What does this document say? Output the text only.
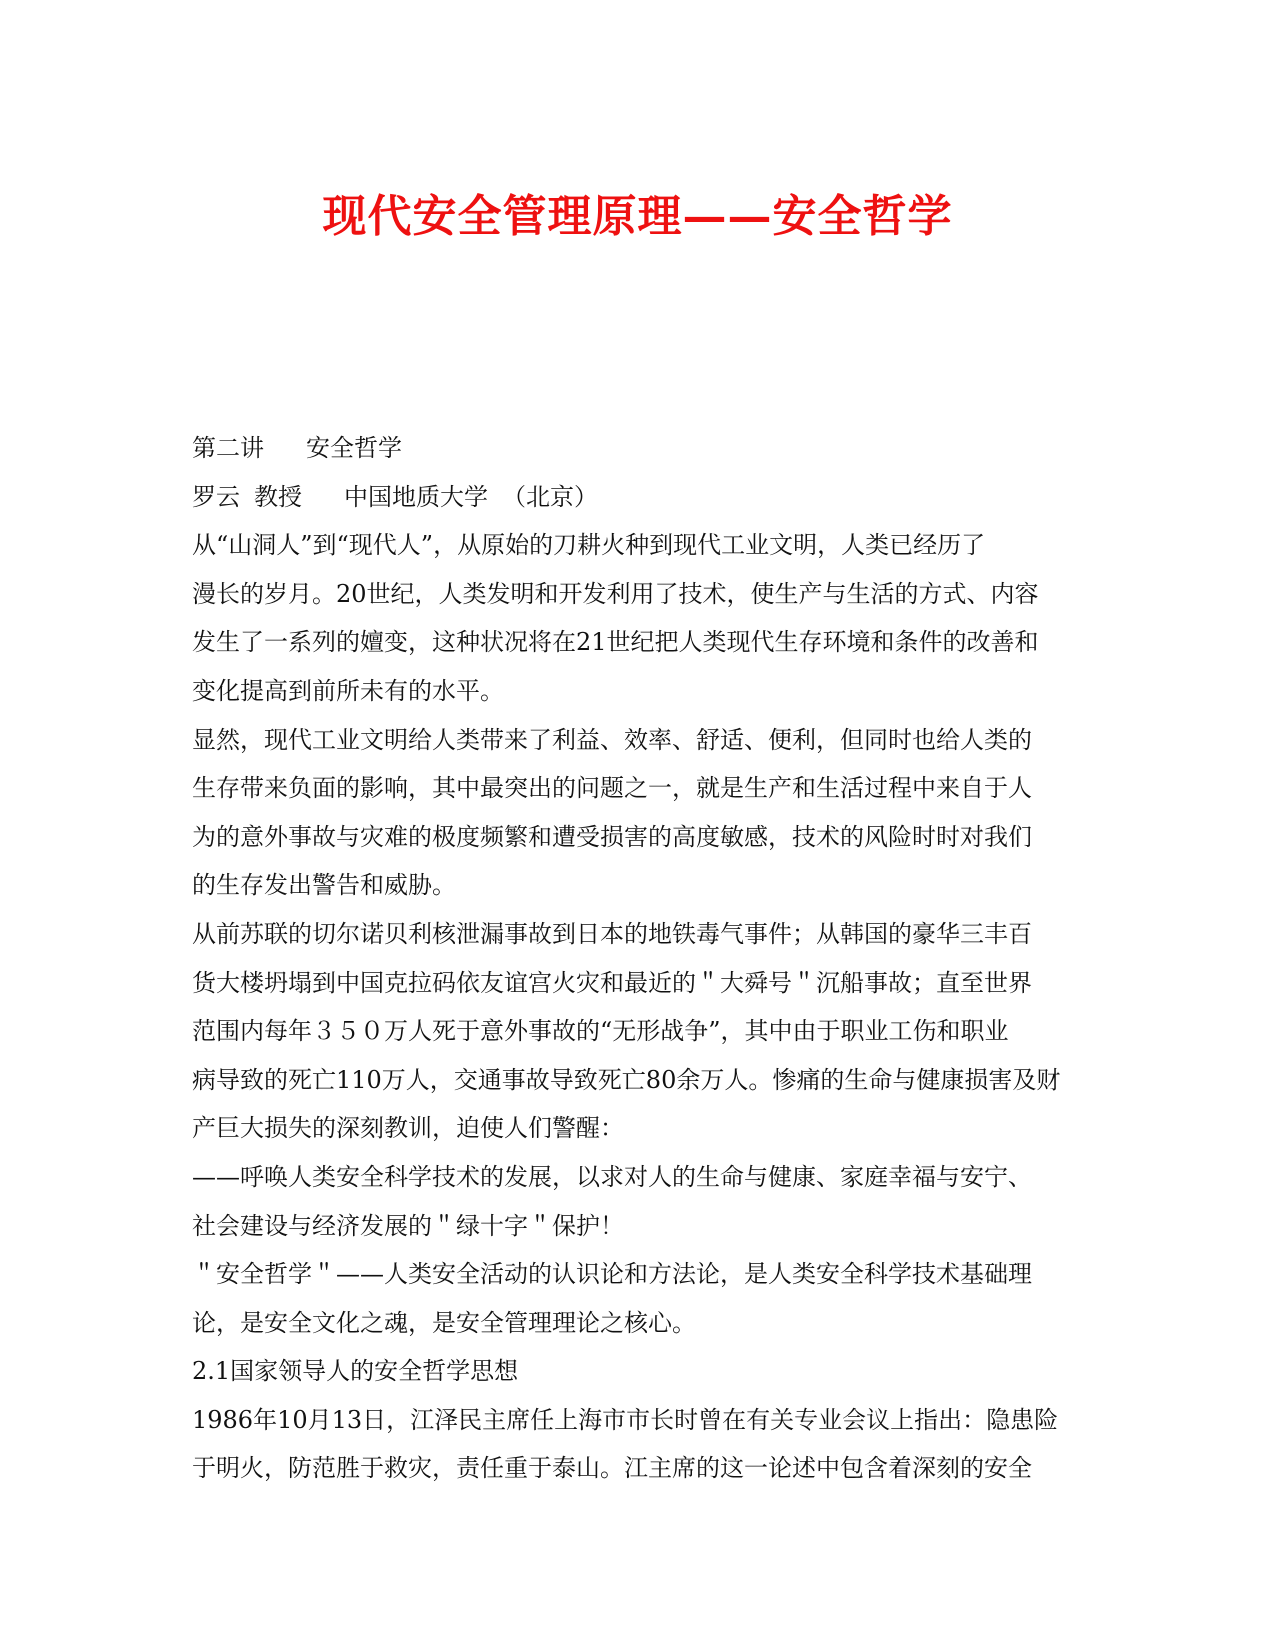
现代安全管理原理——安全哲学

第二讲 安全哲学

罗云 教授 中国地质大学 （北京）

从“山洞人”到“现代人”，从原始的刀耕火种到现代工业文明，人类已经历了
漫长的岁月。20世纪，人类发明和开发利用了技术，使生产与生活的方式、内容
发生了一系列的嬗变，这种状况将在21世纪把人类现代生存环境和条件的改善和
变化提高到前所未有的水平。

显然，现代工业文明给人类带来了利益、效率、舒适、便利，但同时也给人类的
生存带来负面的影响，其中最突出的问题之一，就是生产和生活过程中来自于人
为的意外事故与灾难的极度频繁和遭受损害的高度敏感，技术的风险时时对我们
的生存发出警告和威胁。

从前苏联的切尔诺贝利核泄漏事故到日本的地铁毒气事件；从韩国的豪华三丰百
货大楼坍塌到中国克拉码依友谊宫火灾和最近的＂大舜号＂沉船事故；直至世界
范围内每年３５０万人死于意外事故的“无形战争”，其中由于职业工伤和职业
病导致的死亡110万人，交通事故导致死亡80余万人。惨痛的生命与健康损害及财
产巨大损失的深刻教训，迫使人们警醒：

——呼唤人类安全科学技术的发展，以求对人的生命与健康、家庭幸福与安宁、
社会建设与经济发展的＂绿十字＂保护！

＂安全哲学＂——人类安全活动的认识论和方法论，是人类安全科学技术基础理
论，是安全文化之魂，是安全管理理论之核心。

2.1国家领导人的安全哲学思想

1986年10月13日，江泽民主席任上海市市长时曾在有关专业会议上指出：隐患险
于明火，防范胜于救灾，责任重于泰山。江主席的这一论述中包含着深刻的安全
